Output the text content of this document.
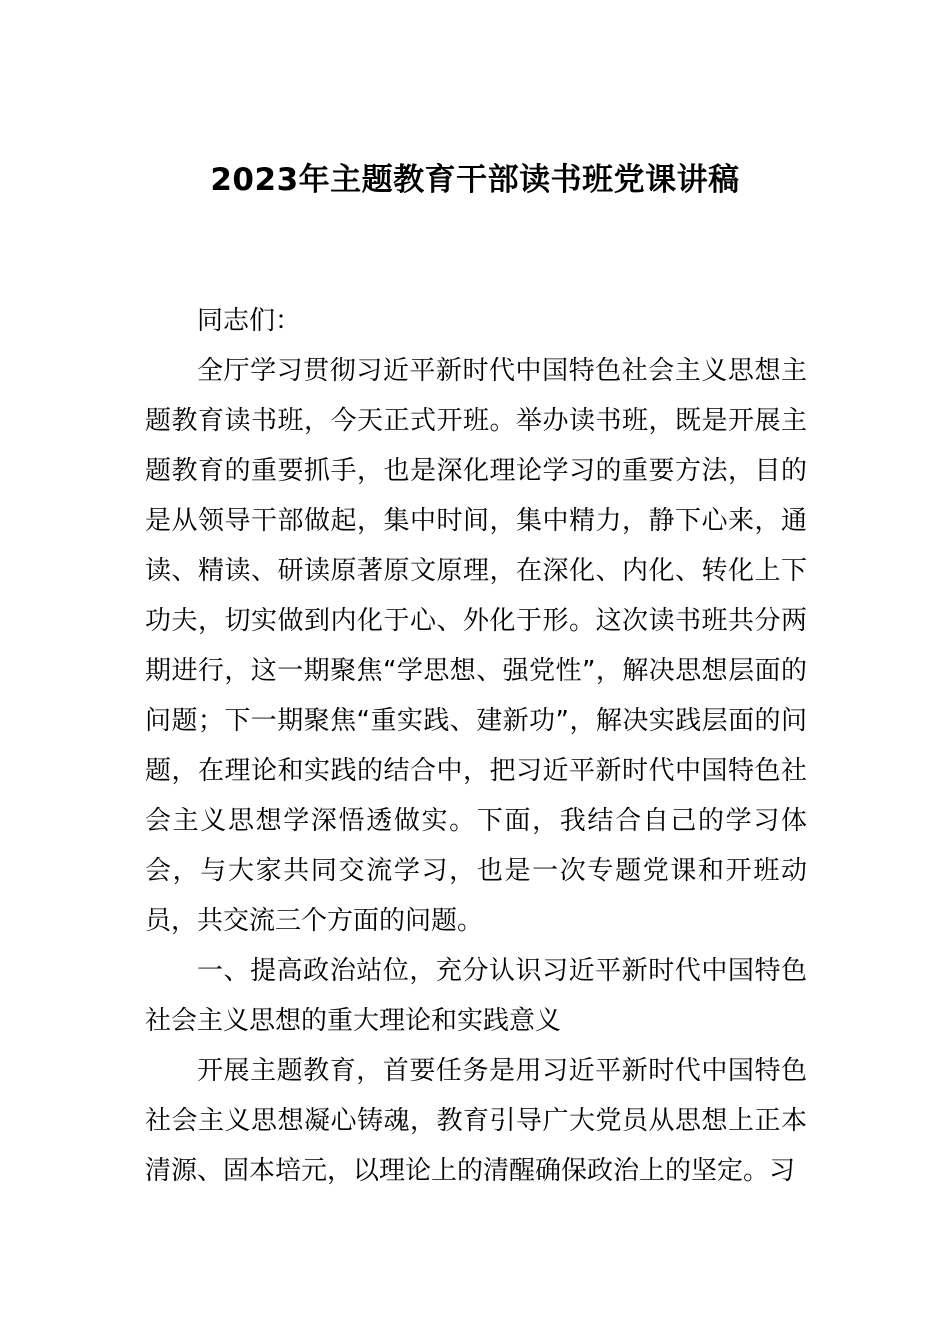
2023年主题教育干部读书班党课讲稿

同志们：

全厅学习贯彻习近平新时代中国特色社会主义思想主题教育读书班，今天正式开班。举办读书班，既是开展主题教育的重要抓手，也是深化理论学习的重要方法，目的是从领导干部做起，集中时间，集中精力，静下心来，通读、精读、研读原著原文原理，在深化、内化、转化上下功夫，切实做到内化于心、外化于形。这次读书班共分两期进行，这一期聚焦“学思想、强党性”，解决思想层面的问题；下一期聚焦“重实践、建新功”，解决实践层面的问题，在理论和实践的结合中，把习近平新时代中国特色社会主义思想学深悟透做实。下面，我结合自己的学习体会，与大家共同交流学习，也是一次专题党课和开班动员，共交流三个方面的问题。

一、提高政治站位，充分认识习近平新时代中国特色社会主义思想的重大理论和实践意义

开展主题教育，首要任务是用习近平新时代中国特色社会主义思想凝心铸魂，教育引导广大党员从思想上正本清源、固本培元，以理论上的清醒确保政治上的坚定。习
